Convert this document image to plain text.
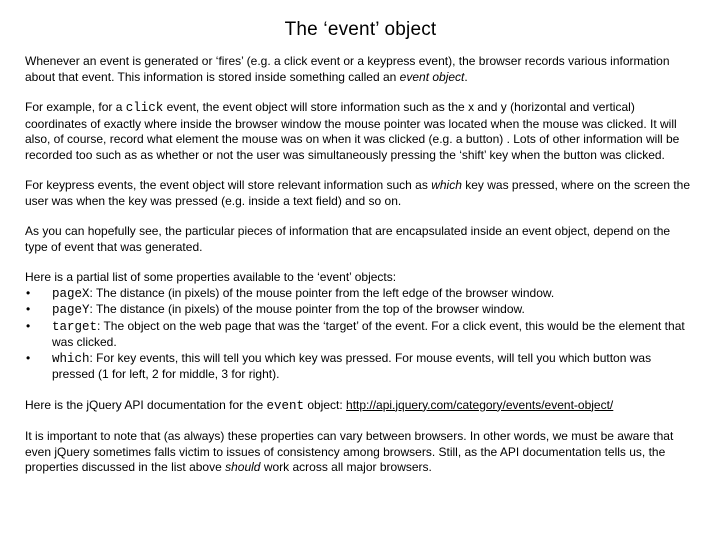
The ‘event’ object

Whenever an event is generated or ‘fires’ (e.g. a click event or a keypress event), the browser records various information about that event. This information is stored inside something called an event object.

For example, for a click event, the event object will store information such as the x and y (horizontal and vertical) coordinates of exactly where inside the browser window the mouse pointer was located when the mouse was clicked. It will also, of course, record what element the mouse was on when it was clicked (e.g. a button) . Lots of other information will be recorded too such as as whether or not the user was simultaneously pressing the ‘shift’ key when the button was clicked.

For keypress events, the event object will store relevant information such as which key was pressed, where on the screen the user was when the key was pressed (e.g. inside a text field) and so on.

As you can hopefully see, the particular pieces of information that are encapsulated inside an event object, depend on the type of event that was generated.

Here is a partial list of some properties available to the ‘event’ objects:

• pageX: The distance (in pixels) of the mouse pointer from the left edge of the browser window.
• pageY: The distance (in pixels) of the mouse pointer from the top of the browser window.
• target: The object on the web page that was the ‘target’ of the event. For a click event, this would be the element that was clicked.
• which: For key events, this will tell you which key was pressed. For mouse events, will tell you which button was pressed (1 for left, 2 for middle, 3 for right).

Here is the jQuery API documentation for the event object: http://api.jquery.com/category/events/event-object/

It is important to note that (as always) these properties can vary between browsers. In other words, we must be aware that even jQuery sometimes falls victim to issues of consistency among browsers. Still, as the API documentation tells us, the properties discussed in the list above should work across all major browsers.
